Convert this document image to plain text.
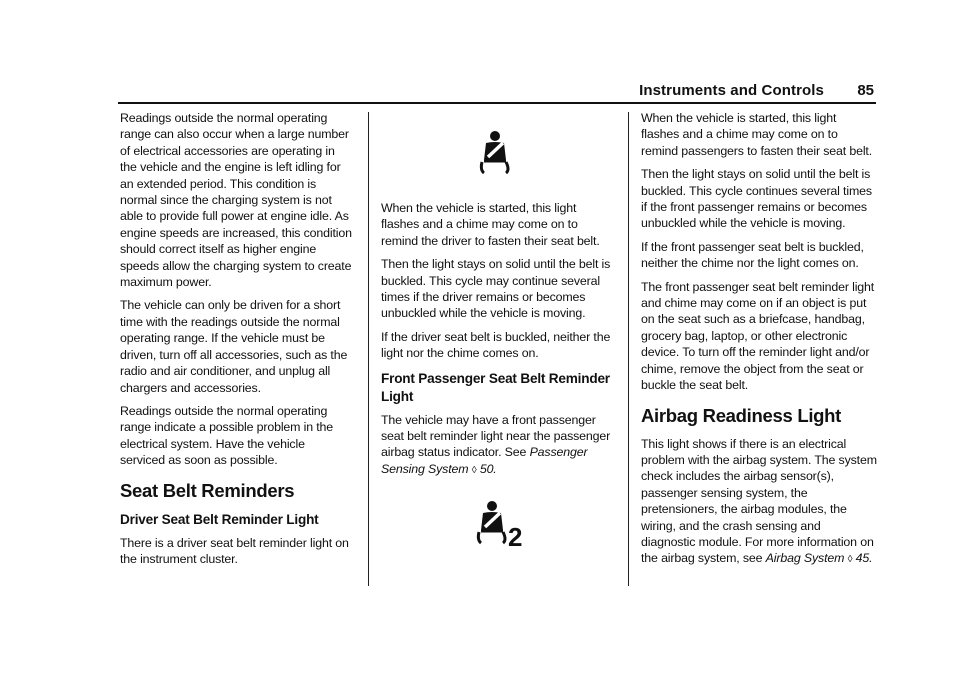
Instruments and Controls 85

Readings outside the normal operating range can also occur when a large number of electrical accessories are operating in the vehicle and the engine is left idling for an extended period. This condition is normal since the charging system is not able to provide full power at engine idle. As engine speeds are increased, this condition should correct itself as higher engine speeds allow the charging system to create maximum power.

The vehicle can only be driven for a short time with the readings outside the normal operating range. If the vehicle must be driven, turn off all accessories, such as the radio and air conditioner, and unplug all chargers and accessories.

Readings outside the normal operating range indicate a possible problem in the electrical system. Have the vehicle serviced as soon as possible.

Seat Belt Reminders
Driver Seat Belt Reminder Light

There is a driver seat belt reminder light on the instrument cluster.

When the vehicle is started, this light flashes and a chime may come on to remind the driver to fasten their seat belt.

Then the light stays on solid until the belt is buckled. This cycle may continue several times if the driver remains or becomes unbuckled while the vehicle is moving.

If the driver seat belt is buckled, neither the light nor the chime comes on.

Front Passenger Seat Belt Reminder Light

The vehicle may have a front passenger seat belt reminder light near the passenger airbag status indicator. See Passenger Sensing System ◊ 50.

2

When the vehicle is started, this light flashes and a chime may come on to remind passengers to fasten their seat belt.

Then the light stays on solid until the belt is buckled. This cycle continues several times if the front passenger remains or becomes unbuckled while the vehicle is moving.

If the front passenger seat belt is buckled, neither the chime nor the light comes on.

The front passenger seat belt reminder light and chime may come on if an object is put on the seat such as a briefcase, handbag, grocery bag, laptop, or other electronic device. To turn off the reminder light and/or chime, remove the object from the seat or buckle the seat belt.

Airbag Readiness Light

This light shows if there is an electrical problem with the airbag system. The system check includes the airbag sensor(s), passenger sensing system, the pretensioners, the airbag modules, the wiring, and the crash sensing and diagnostic module. For more information on the airbag system, see Airbag System ◊ 45.
